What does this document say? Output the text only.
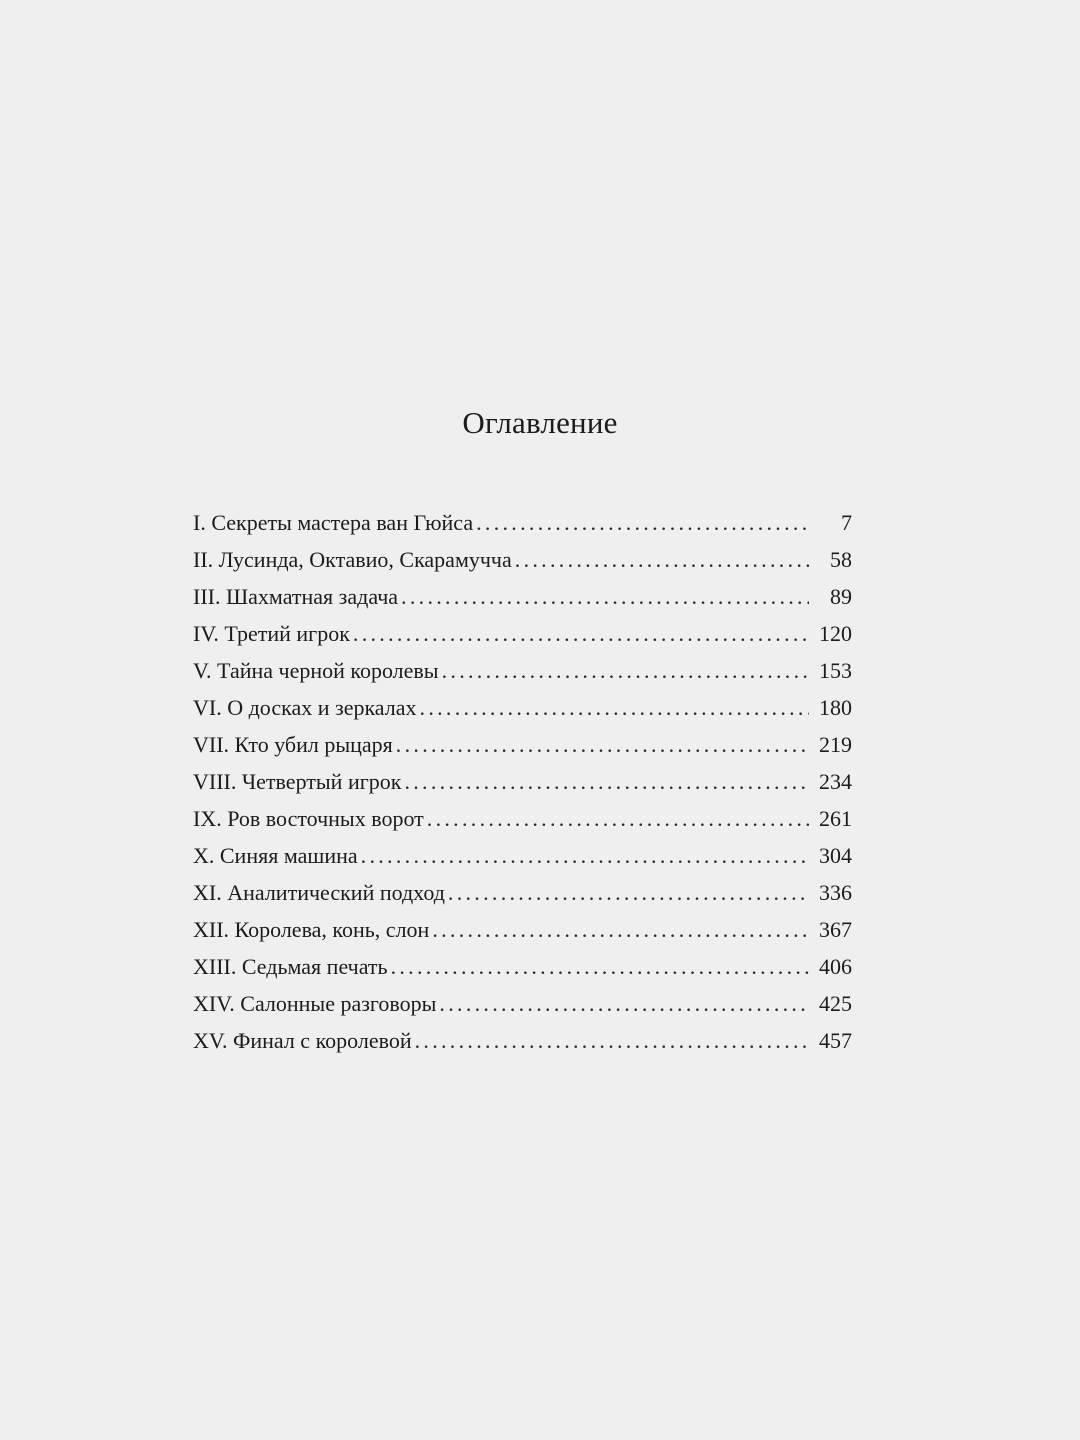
Оглавление
I. Секреты мастера ван Гюйса . . .	7
II. Лусинда, Октавио, Скарамучча . . .	58
III. Шахматная задача . . .	89
IV. Третий игрок . . .	120
V. Тайна черной королевы . . .	153
VI. О досках и зеркалах . . .	180
VII. Кто убил рыцаря . . .	219
VIII. Четвертый игрок . . .	234
IX. Ров восточных ворот . . .	261
X. Синяя машина . . .	304
XI. Аналитический подход . . .	336
XII. Королева, конь, слон . . .	367
XIII. Седьмая печать . . .	406
XIV. Салонные разговоры . . .	425
XV. Финал с королевой . . .	457
